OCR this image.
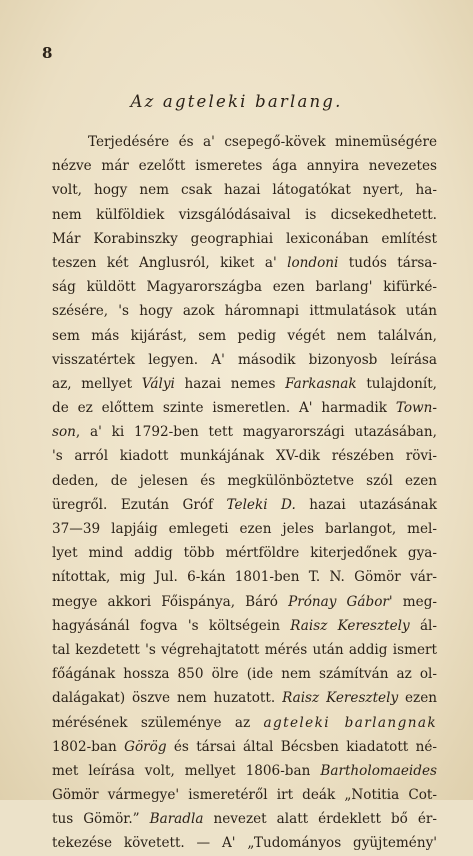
8
Az agteleki barlang.
Terjedésére és a' csepegő-kövek minemüségére
nézve már ezelőtt ismeretes ága annyira nevezetes
volt, hogy nem csak hazai látogatókat nyert, ha-
nem külföldiek vizsgálódásaival is dicsekedhetett.
Már Korabinszky geographiai lexiconában említést
teszen két Anglusról, kiket a' londoni tudós társa-
ság küldött Magyarországba ezen barlang' kifürké-
szésére, 's hogy azok háromnapi ittmulatások után
sem más kijárást, sem pedig végét nem találván,
visszatértek legyen. A' második bizonyosb leírása
az, mellyet Vályi hazai nemes Farkasnak tulajdonít,
de ez előttem szinte ismeretlen. A' harmadik Town-
son, a' ki 1792-ben tett magyarországi utazásában,
's arról kiadott munkájának XV-dik részében rövi-
deden, de jelesen és megkülönböztetve szól ezen
üregről. Ezután Gróf Teleki D. hazai utazásának
37—39 lapjáig emlegeti ezen jeles barlangot, mel-
lyet mind addig több mértföldre kiterjedőnek gya-
nítottak, mig Jul. 6-kán 1801-ben T. N. Gömör vár-
megye akkori Főispánya, Báró Prónay Gábor' meg-
hagyásánál fogva 's költségein Raisz Keresztely ál-
tal kezdetett 's végrehajtatott mérés után addig ismert
főágának hossza 850 ölre (ide nem számítván az ol-
dalágakat) öszve nem huzatott. Raisz Keresztely ezen
mérésének szüleménye az agteleki barlangnak
1802-ban Görög és társai által Bécsben kiadatott né-
met leírása volt, mellyet 1806-ban Bartholomaeides
Gömör vármegye' ismeretéről irt deák „Notitia Cot-
tus Gömör.” Baradla nevezet alatt érdeklett bő ér-
tekezése követett. — A' „Tudományos gyüjtemény'
